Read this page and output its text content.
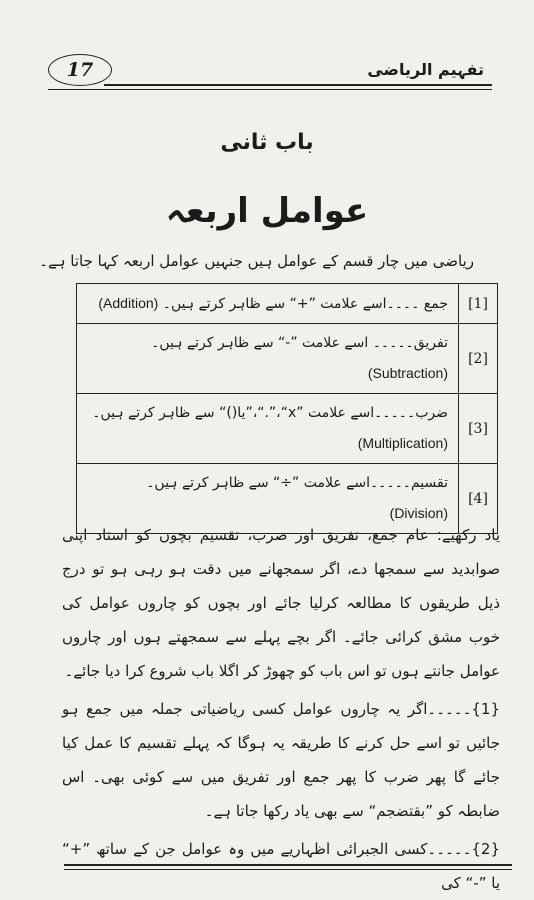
17	تفہیم الریاضی
باب ثانی
عوامل اربعہ
ریاضی میں چار قسم کے عوامل ہیں جنہیں عوامل اربعہ کہا جاتا ہے۔
[1]	جمع ۔۔۔۔اسے علامت ”+“ سے ظاہر کرتے ہیں۔ (Addition)
[2]	تفریق۔۔۔۔۔ اسے علامت ”-“ سے ظاہر کرتے ہیں۔
(Subtraction)
[3]	ضرب۔۔۔۔۔اسے علامت ”x“،”.“،”یا()“ سے ظاہر کرتے ہیں۔
(Multiplication)
[4]	تقسیم۔۔۔۔۔اسے علامت ”÷“ سے ظاہر کرتے ہیں۔ (Division)

یاد رکھیے: عام جمع، تفریق اور ضرب، تقسیم بچوں کو استاد اپنی صوابدید سے سمجھا دے، اگر سمجھانے میں دقت ہو رہی ہو تو درج ذیل طریقوں کا مطالعہ کرلیا جائے اور بچوں کو چاروں عوامل کی خوب مشق کرائی جائے۔ اگر بچے پہلے سے سمجھتے ہوں اور چاروں عوامل جانتے ہوں تو اس باب کو چھوڑ کر اگلا باب شروع کرا دیا جائے۔

{1}۔۔۔۔۔اگر یہ چاروں عوامل کسی ریاضیاتی جملہ میں جمع ہو جائیں تو اسے حل کرنے کا طریقہ یہ ہوگا کہ پہلے تقسیم کا عمل کیا جائے گا پھر ضرب کا پھر جمع اور تفریق میں سے کوئی بھی۔ اس ضابطہ کو ”بقتضجم“ سے بھی یاد رکھا جاتا ہے۔

{2}۔۔۔۔۔کسی الجبرائی اظہاریے میں وہ عوامل جن کے ساتھ ”+“ یا ”-“ کی
